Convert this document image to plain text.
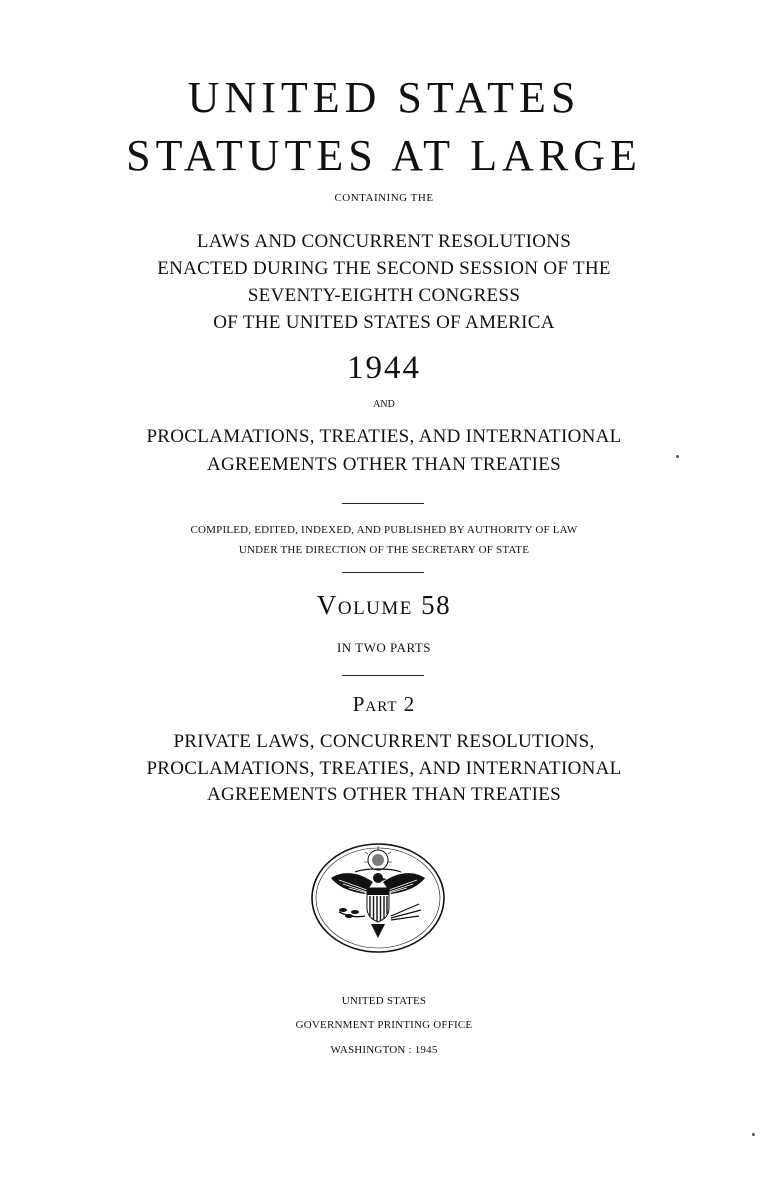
UNITED STATES
STATUTES AT LARGE
CONTAINING THE
LAWS AND CONCURRENT RESOLUTIONS
ENACTED DURING THE SECOND SESSION OF THE
SEVENTY-EIGHTH CONGRESS
OF THE UNITED STATES OF AMERICA
1944
AND
PROCLAMATIONS, TREATIES, AND INTERNATIONAL
AGREEMENTS OTHER THAN TREATIES
COMPILED, EDITED, INDEXED, AND PUBLISHED BY AUTHORITY OF LAW
UNDER THE DIRECTION OF THE SECRETARY OF STATE
Volume 58
IN TWO PARTS
Part 2
PRIVATE LAWS, CONCURRENT RESOLUTIONS,
PROCLAMATIONS, TREATIES, AND INTERNATIONAL
AGREEMENTS OTHER THAN TREATIES
UNITED STATES
GOVERNMENT PRINTING OFFICE
WASHINGTON : 1945
